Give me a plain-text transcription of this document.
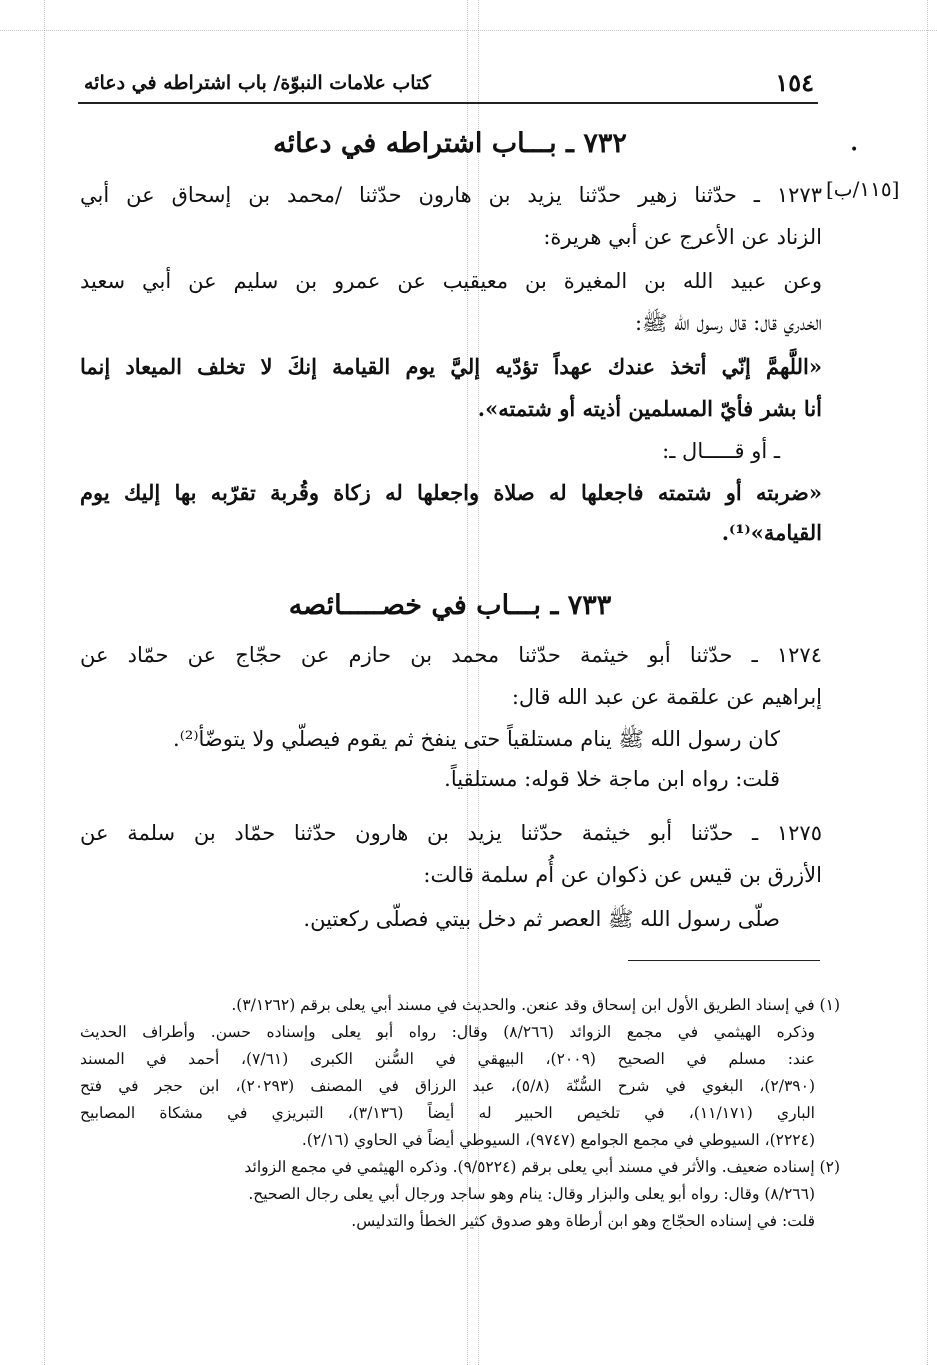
كتاب علامات النبوّة/ باب اشتراطه في دعائه	١٥٤
•
٧٣٢ ـ بـــاب اشتراطه في دعائه
[١١٥/ب]
١٢٧٣ ـ حدّثنا زهير حدّثنا يزيد بن هارون حدّثنا /محمد بن إسحاق عن أبي
الزناد عن الأعرج عن أبي هريرة:
وعن عبيد الله بن المغيرة بن معيقيب عن عمرو بن سليم عن أبي سعيد
الخدري قال: قال رسول الله ﷺ:
«اللَّهمَّ إنّي أتخذ عندك عهداً تؤدّيه إليَّ يوم القيامة إنكَ لا تخلف الميعاد إنما
أنا بشر فأيّ المسلمين أذيته أو شتمته».
ـ أو قـــــال ـ:
«ضربته أو شتمته فاجعلها له صلاة واجعلها له زكاة وقُربة تقرّبه بها إليك يوم
القيامة»⁽¹⁾.
٧٣٣ ـ بـــاب في خصـــــائصه
١٢٧٤ ـ حدّثنا أبو خيثمة حدّثنا محمد بن حازم عن حجّاج عن حمّاد عن
إبراهيم عن علقمة عن عبد الله قال:
كان رسول الله ﷺ ينام مستلقياً حتى ينفخ ثم يقوم فيصلّي ولا يتوضّأ⁽²⁾.
قلت: رواه ابن ماجة خلا قوله: مستلقياً.
١٢٧٥ ـ حدّثنا أبو خيثمة حدّثنا يزيد بن هارون حدّثنا حمّاد بن سلمة عن
الأزرق بن قيس عن ذكوان عن أُم سلمة قالت:
صلّى رسول الله ﷺ العصر ثم دخل بيتي فصلّى ركعتين.
(١) في إسناد الطريق الأول ابن إسحاق وقد عنعن. والحديث في مسند أبي يعلى برقم (٣/١٢٦٢).
وذكره الهيثمي في مجمع الزوائد (٨/٢٦٦) وقال: رواه أبو يعلى وإسناده حسن. وأطراف الحديث
عند: مسلم في الصحيح (٢٠٠٩)، البيهقي في السُّنن الكبرى (٧/٦١)، أحمد في المسند
(٢/٣٩٠)، البغوي في شرح السُّنّة (٥/٨)، عبد الرزاق في المصنف (٢٠٢٩٣)، ابن حجر في فتح
الباري (١١/١٧١)، في تلخيص الحبير له أيضاً (٣/١٣٦)، التبريزي في مشكاة المصابيح
(٢٢٢٤)، السيوطي في مجمع الجوامع (٩٧٤٧)، السيوطي أيضاً في الحاوي (٢/١٦).
(٢) إسناده ضعيف. والأثر في مسند أبي يعلى برقم (٩/٥٢٢٤). وذكره الهيثمي في مجمع الزوائد
(٨/٢٦٦) وقال: رواه أبو يعلى والبزار وقال: ينام وهو ساجد ورجال أبي يعلى رجال الصحيح.
قلت: في إسناده الحجّاج وهو ابن أرطاة وهو صدوق كثير الخطأ والتدليس.
